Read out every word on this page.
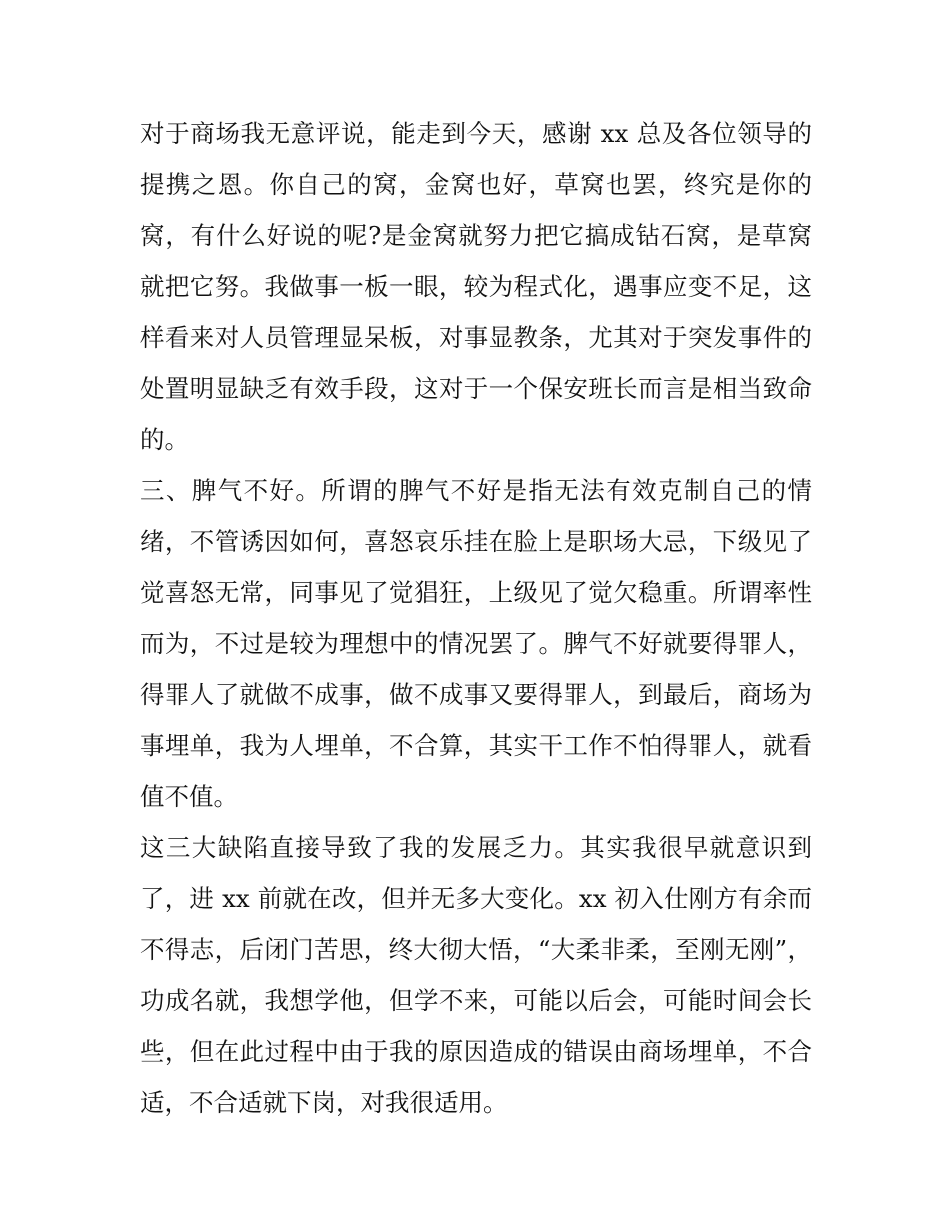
对于商场我无意评说，能走到今天，感谢 xx 总及各位领导的
提携之恩。你自己的窝，金窝也好，草窝也罢，终究是你的
窝，有什么好说的呢?是金窝就努力把它搞成钻石窝，是草窝
就把它努。我做事一板一眼，较为程式化，遇事应变不足，这
样看来对人员管理显呆板，对事显教条，尤其对于突发事件的
处置明显缺乏有效手段，这对于一个保安班长而言是相当致命
的。
三、脾气不好。所谓的脾气不好是指无法有效克制自己的情
绪，不管诱因如何，喜怒哀乐挂在脸上是职场大忌，下级见了
觉喜怒无常，同事见了觉猖狂，上级见了觉欠稳重。所谓率性
而为，不过是较为理想中的情况罢了。脾气不好就要得罪人，
得罪人了就做不成事，做不成事又要得罪人，到最后，商场为
事埋单，我为人埋单，不合算，其实干工作不怕得罪人，就看
值不值。
这三大缺陷直接导致了我的发展乏力。其实我很早就意识到
了，进 xx 前就在改，但并无多大变化。xx 初入仕刚方有余而
不得志，后闭门苦思，终大彻大悟，“大柔非柔，至刚无刚”，
功成名就，我想学他，但学不来，可能以后会，可能时间会长
些，但在此过程中由于我的原因造成的错误由商场埋单，不合
适，不合适就下岗，对我很适用。
